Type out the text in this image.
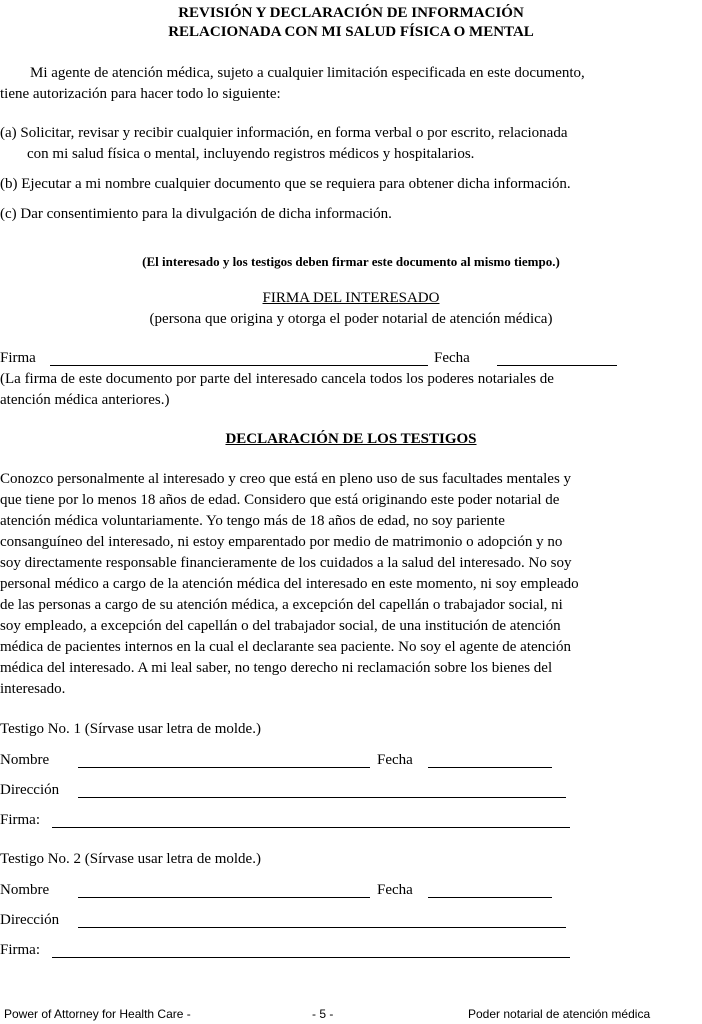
REVISIÓN Y DECLARACIÓN DE INFORMACIÓN
RELACIONADA CON MI SALUD FÍSICA O MENTAL
Mi agente de atención médica, sujeto a cualquier limitación especificada en este documento,
tiene autorización para hacer todo lo siguiente:
(a) Solicitar, revisar y recibir cualquier información, en forma verbal o por escrito, relacionada
con mi salud física o mental, incluyendo registros médicos y hospitalarios.
(b) Ejecutar a mi nombre cualquier documento que se requiera para obtener dicha información.
(c) Dar consentimiento para la divulgación de dicha información.
(El interesado y los testigos deben firmar este documento al mismo tiempo.)
FIRMA DEL INTERESADO
(persona que origina y otorga el poder notarial de atención médica)
Firma	Fecha
(La firma de este documento por parte del interesado cancela todos los poderes notariales de
atención médica anteriores.)
DECLARACIÓN DE LOS TESTIGOS
Conozco personalmente al interesado y creo que está en pleno uso de sus facultades mentales y
que tiene por lo menos 18 años de edad. Considero que está originando este poder notarial de
atención médica voluntariamente. Yo tengo más de 18 años de edad, no soy pariente
consanguíneo del interesado, ni estoy emparentado por medio de matrimonio o adopción y no
soy directamente responsable financieramente de los cuidados a la salud del interesado. No soy
personal médico a cargo de la atención médica del interesado en este momento, ni soy empleado
de las personas a cargo de su atención médica, a excepción del capellán o trabajador social, ni
soy empleado, a excepción del capellán o del trabajador social, de una institución de atención
médica de pacientes internos en la cual el declarante sea paciente. No soy el agente de atención
médica del interesado. A mi leal saber, no tengo derecho ni reclamación sobre los bienes del
interesado.
Testigo No. 1 (Sírvase usar letra de molde.)
Nombre	Fecha
Dirección
Firma:
Testigo No. 2 (Sírvase usar letra de molde.)
Nombre	Fecha
Dirección
Firma:
Power of Attorney for Health Care -	- 5 -	Poder notarial de atención médica
